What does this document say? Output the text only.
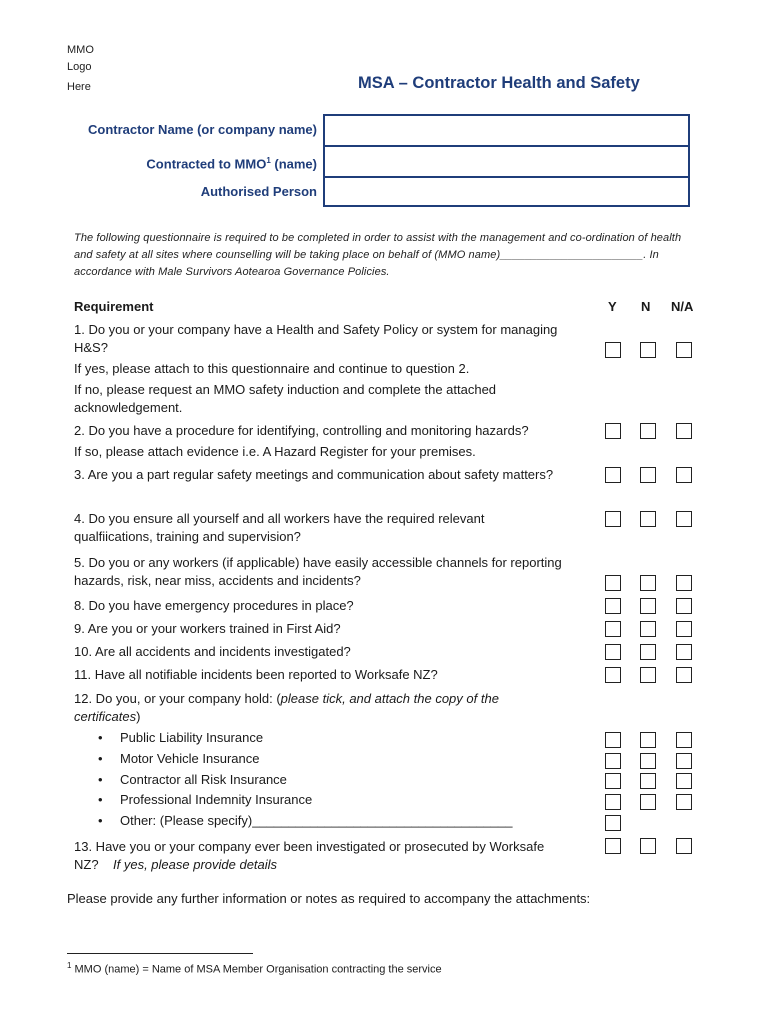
MMO
Logo

Here	MSA – Contractor Health and Safety
Contractor Name (or company name)
Contracted to MMO$^1$ (name)
Authorised Person
The following questionnaire is required to be completed in order to assist with the management and co-ordination of health and safety at all sites where counselling will be taking place on behalf of (MMO name)_______________________. In accordance with Male Survivors Aotearoa Governance Policies.
Requirement	Y N N/A
1. Do you or your company have a Health and Safety Policy or system for managing H&S?
If yes, please attach to this questionnaire and continue to question 2.
If no, please request an MMO safety induction and complete the attached acknowledgement.
2. Do you have a procedure for identifying, controlling and monitoring hazards?
If so, please attach evidence i.e. A Hazard Register for your premises.
3. Are you a part regular safety meetings and communication about safety matters?
4. Do you ensure all yourself and all workers have the required relevant qualfiications, training and supervision?
5. Do you or any workers (if applicable) have easily accessible channels for reporting hazards, risk, near miss, accidents and incidents?
8. Do you have emergency procedures in place?
9. Are you or your workers trained in First Aid?
10. Are all accidents and incidents investigated?
11. Have all notifiable incidents been reported to Worksafe NZ?
12. Do you, or your company hold: (please tick, and attach the copy of the certificates)
• Public Liability Insurance
• Motor Vehicle Insurance
• Contractor all Risk Insurance
• Professional Indemnity Insurance
• Other: (Please specify)____________________________________
13. Have you or your company ever been investigated or prosecuted by Worksafe NZ? If yes, please provide details
Please provide any further information or notes as required to accompany the attachments:
$^1$ MMO (name) = Name of MSA Member Organisation contracting the service
